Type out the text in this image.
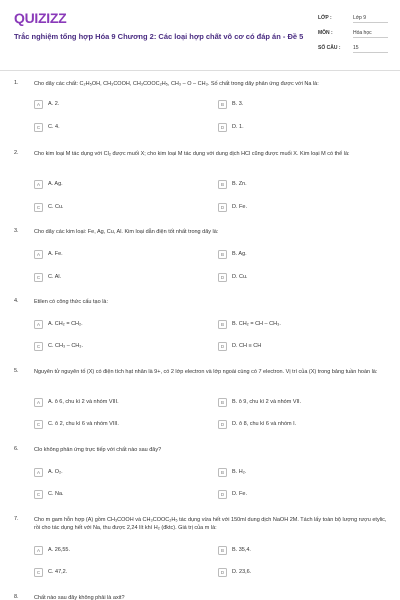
QUIZIZZ
Trắc nghiệm tổng hợp Hóa 9 Chương 2: Các loại hợp chất vô cơ có đáp án - Đề 5
LỚP :	Lớp 9
MÔN :	Hóa học
SỐ CÂU :	15
1.	Cho dãy các chất: C₂H₅OH, CH₃COOH, CH₃COOC₂H₅, CH₃ – O – CH₃. Số chất trong dãy phản ứng được với Na là:
A	A. 2.	B	B. 3.
C	C. 4.	D	D. 1.
2.	Cho kim loại M tác dụng với Cl₂ được muối X; cho kim loại M tác dụng với dung dịch HCl cũng được muối X. Kim loại M có thể là:
A	A. Ag.	B	B. Zn.
C	C. Cu.	D	D. Fe.
3.	Cho dãy các kim loại: Fe, Ag, Cu, Al. Kim loại dẫn điện tốt nhất trong dãy là:
A	A. Fe.	B	B. Ag.
C	C. Al.	D	D. Cu.
4.	Etilen có công thức cấu tạo là:
A	A. CH₂ = CH₂.	B	B. CH₂ = CH – CH₃.
C	C. CH₃ – CH₃.	D	D. CH ≡ CH
5.	Nguyên tử nguyên tố (X) có điện tích hạt nhân là 9+, có 2 lớp electron và lớp ngoài cùng có 7 electron. Vị trí của (X) trong bảng tuần hoàn là:
A	A. ô 6, chu kì 2 và nhóm VIII.	B	B. ô 9, chu kì 2 và nhóm VII.
C	C. ô 2, chu kì 6 và nhóm VIII.	D	D. ô 8, chu kì 6 và nhóm I.
6.	Clo không phản ứng trực tiếp với chất nào sau đây?
A	A. O₂.	B	B. H₂.
C	C. Na.	D	D. Fe.
7.	Cho m gam hỗn hợp (A) gồm CH₃COOH và CH₃COOC₂H₅ tác dụng vừa hết với 150ml dung dịch NaOH 2M. Tách lấy toàn bộ lượng rượu etylic, rồi cho tác dụng hết với Na, thu được 2,24 lít khí H₂ (đktc). Giá trị của m là:
A	A. 26,55.	B	B. 35,4.
C	C. 47,2.	D	D. 23,6.
8.	Chất nào sau đây không phải là axit?
